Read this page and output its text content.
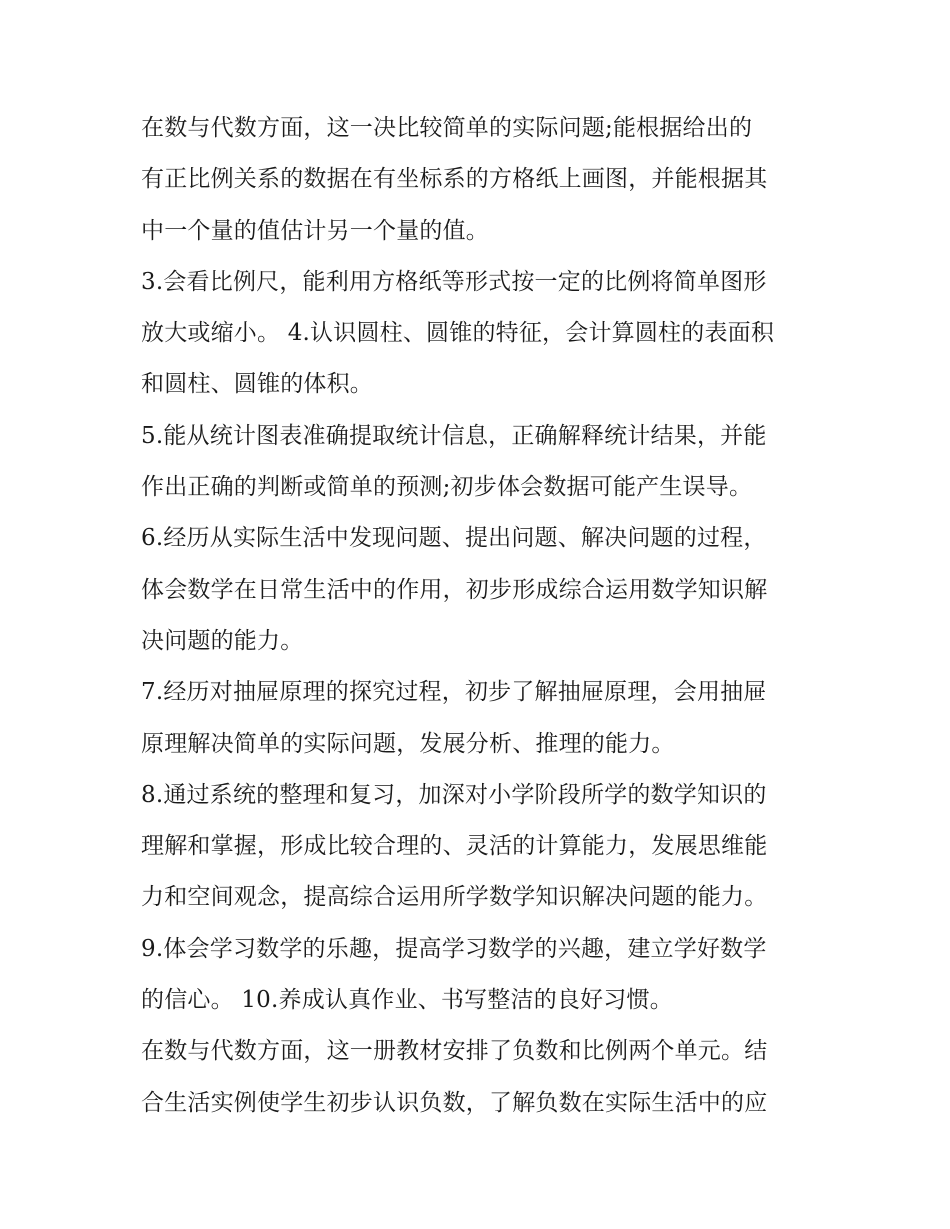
在数与代数方面，这一决比较简单的实际问题;能根据给出的
有正比例关系的数据在有坐标系的方格纸上画图，并能根据其
中一个量的值估计另一个量的值。
3.会看比例尺，能利用方格纸等形式按一定的比例将简单图形
放大或缩小。 4.认识圆柱、圆锥的特征，会计算圆柱的表面积
和圆柱、圆锥的体积。
5.能从统计图表准确提取统计信息，正确解释统计结果，并能
作出正确的判断或简单的预测;初步体会数据可能产生误导。
6.经历从实际生活中发现问题、提出问题、解决问题的过程，
体会数学在日常生活中的作用，初步形成综合运用数学知识解
决问题的能力。
7.经历对抽屉原理的探究过程，初步了解抽屉原理，会用抽屉
原理解决简单的实际问题，发展分析、推理的能力。
8.通过系统的整理和复习，加深对小学阶段所学的数学知识的
理解和掌握，形成比较合理的、灵活的计算能力，发展思维能
力和空间观念，提高综合运用所学数学知识解决问题的能力。
9.体会学习数学的乐趣，提高学习数学的兴趣，建立学好数学
的信心。 10.养成认真作业、书写整洁的良好习惯。
在数与代数方面，这一册教材安排了负数和比例两个单元。结
合生活实例使学生初步认识负数，了解负数在实际生活中的应
